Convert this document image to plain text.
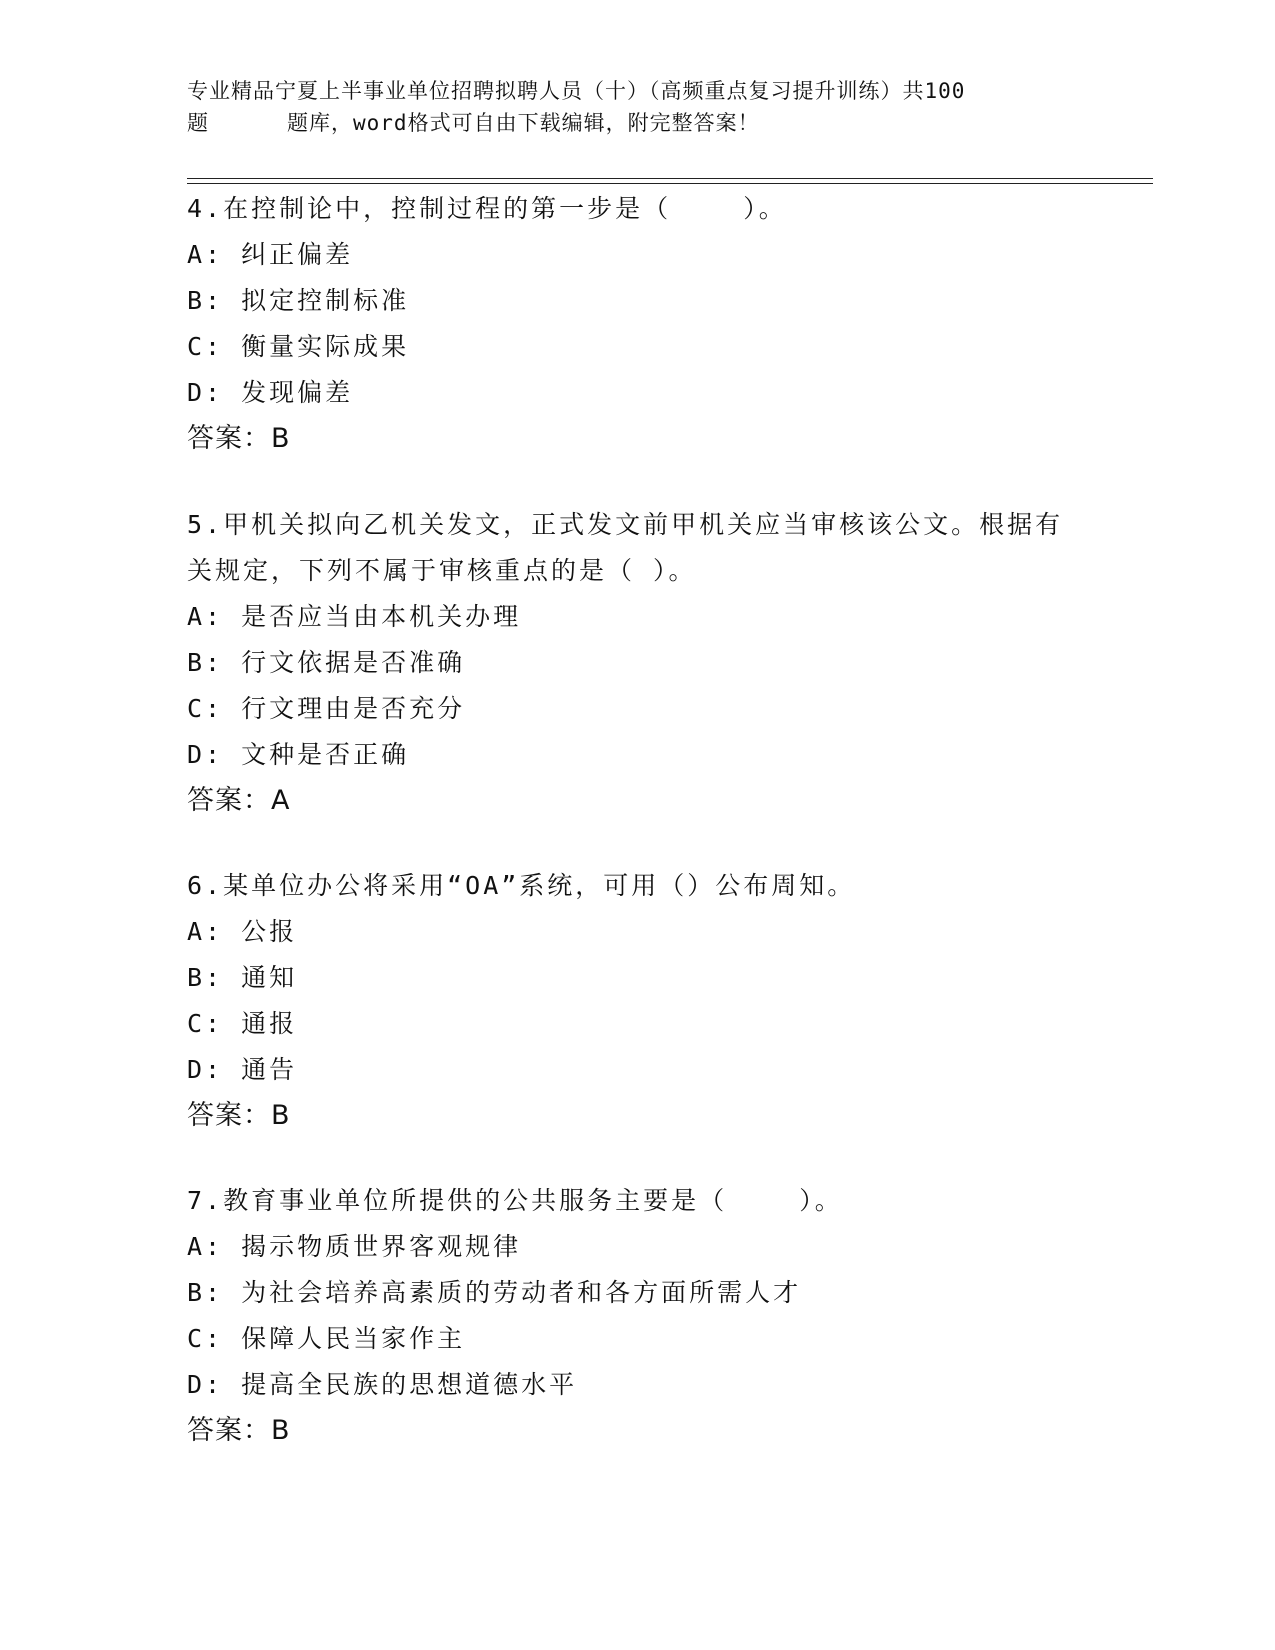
专业精品宁夏上半事业单位招聘拟聘人员（十）（高频重点复习提升训练）共100
题	题库，word格式可自由下载编辑，附完整答案！
4.在控制论中，控制过程的第一步是（    ）。
A: 纠正偏差
B: 拟定控制标准
C: 衡量实际成果
D: 发现偏差
答案：B
5.甲机关拟向乙机关发文，正式发文前甲机关应当审核该公文。根据有关规定，下列不属于审核重点的是（ ）。
A: 是否应当由本机关办理
B: 行文依据是否准确
C: 行文理由是否充分
D: 文种是否正确
答案：A
6.某单位办公将采用“OA”系统，可用（）公布周知。
A: 公报
B: 通知
C: 通报
D: 通告
答案：B
7.教育事业单位所提供的公共服务主要是（    ）。
A: 揭示物质世界客观规律
B: 为社会培养高素质的劳动者和各方面所需人才
C: 保障人民当家作主
D: 提高全民族的思想道德水平
答案：B
